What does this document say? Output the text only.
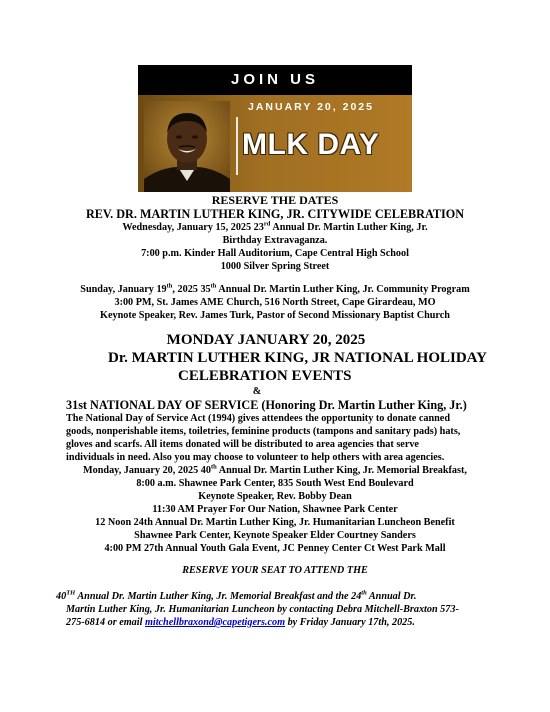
JOIN US
JANUARY 20, 2025
MLK DAY
RESERVE THE DATES
REV. DR. MARTIN LUTHER KING, JR. CITYWIDE CELEBRATION
Wednesday, January 15, 2025 23rd Annual Dr. Martin Luther King, Jr.
Birthday Extravaganza.
7:00 p.m. Kinder Hall Auditorium, Cape Central High School
1000 Silver Spring Street
Sunday, January 19th, 2025 35th Annual Dr. Martin Luther King, Jr. Community Program
3:00 PM, St. James AME Church, 516 North Street, Cape Girardeau, MO
Keynote Speaker, Rev. James Turk, Pastor of Second Missionary Baptist Church
MONDAY JANUARY 20, 2025
Dr. MARTIN LUTHER KING, JR NATIONAL HOLIDAY
CELEBRATION EVENTS
&
31st NATIONAL DAY OF SERVICE (Honoring Dr. Martin Luther King, Jr.)
The National Day of Service Act (1994) gives attendees the opportunity to donate canned
goods, nonperishable items, toiletries, feminine products (tampons and sanitary pads) hats,
gloves and scarfs. All items donated will be distributed to area agencies that serve
individuals in need. Also you may choose to volunteer to help others with area agencies.
Monday, January 20, 2025 40th Annual Dr. Martin Luther King, Jr. Memorial Breakfast,
8:00 a.m. Shawnee Park Center, 835 South West End Boulevard
Keynote Speaker, Rev. Bobby Dean
11:30 AM Prayer For Our Nation, Shawnee Park Center
12 Noon 24th Annual Dr. Martin Luther King, Jr. Humanitarian Luncheon Benefit
Shawnee Park Center, Keynote Speaker Elder Courtney Sanders
4:00 PM 27th Annual Youth Gala Event, JC Penney Center Ct West Park Mall
RESERVE YOUR SEAT TO ATTEND THE
40TH Annual Dr. Martin Luther King, Jr. Memorial Breakfast and the 24th Annual Dr.
Martin Luther King, Jr. Humanitarian Luncheon by contacting Debra Mitchell-Braxton 573-
275-6814 or email mitchellbraxond@capetigers.com by Friday January 17th, 2025.
